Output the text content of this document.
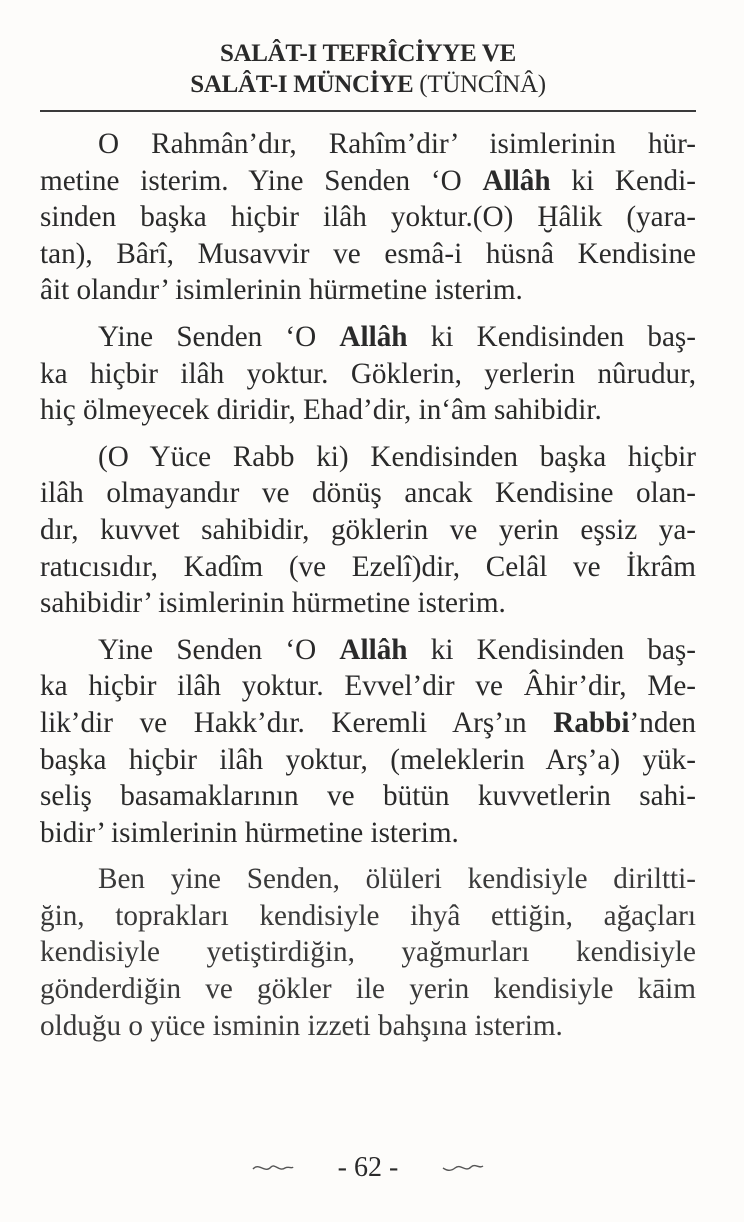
SALÂT-I TEFRÎCİYYE VE
SALÂT-I MÜNCİYE (TÜNCÎNÂ)
O Rahmân’dır, Rahîm’dir’ isimlerinin hür-
metine isterim. Yine Senden ‘O Allâh ki Kendi-
sinden başka hiçbir ilâh yoktur.(O) Ḫâlik (yara-
tan), Bârî, Musavvir ve esmâ-i hüsnâ Kendisine
âit olandır’ isimlerinin hürmetine isterim.
Yine Senden ‘O Allâh ki Kendisinden baş-
ka hiçbir ilâh yoktur. Göklerin, yerlerin nûrudur,
hiç ölmeyecek diridir, Ehad’dir, in‘âm sahibidir.
(O Yüce Rabb ki) Kendisinden başka hiçbir
ilâh olmayandır ve dönüş ancak Kendisine olan-
dır, kuvvet sahibidir, göklerin ve yerin eşsiz ya-
ratıcısıdır, Kadîm (ve Ezelî)dir, Celâl ve İkrâm
sahibidir’ isimlerinin hürmetine isterim.
Yine Senden ‘O Allâh ki Kendisinden baş-
ka hiçbir ilâh yoktur. Evvel’dir ve Âhir’dir, Me-
lik’dir ve Hakk’dır. Keremli Arş’ın Rabbi’nden
başka hiçbir ilâh yoktur, (meleklerin Arş’a) yük-
seliş basamaklarının ve bütün kuvvetlerin sahi-
bidir’ isimlerinin hürmetine isterim.
Ben yine Senden, ölüleri kendisiyle diriltti-
ğin, toprakları kendisiyle ihyâ ettiğin, ağaçları
kendisiyle yetiştirdiğin, yağmurları kendisiyle
gönderdiğin ve gökler ile yerin kendisiyle kāim
olduğu o yüce isminin izzeti bahşına isterim.
- 62 -
